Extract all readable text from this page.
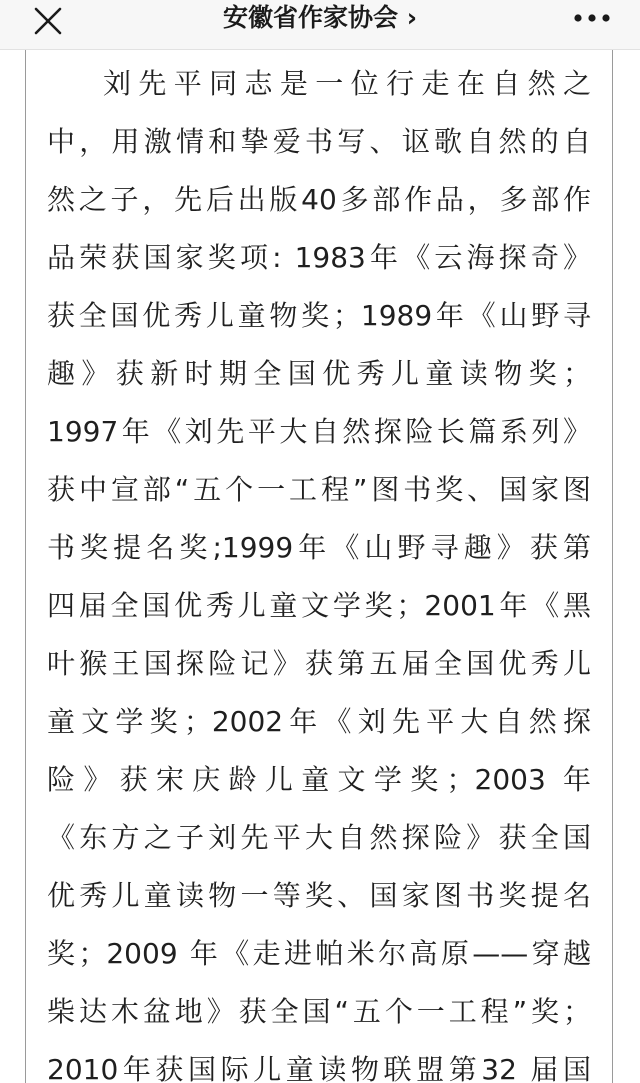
安徽省作家协会 ›
刘先平同志是一位行走在自然之
中，用激情和挚爱书写、讴歌自然的自
然之子，先后出版40多部作品，多部作
品荣获国家奖项: 1983年《云海探奇》
获全国优秀儿童物奖；1989年《山野寻
趣》获新时期全国优秀儿童读物奖；
1997年《刘先平大自然探险长篇系列》
获中宣部“五个一工程”图书奖、国家图
书奖提名奖;1999年《山野寻趣》获第
四届全国优秀儿童文学奖；2001年《黑
叶猴王国探险记》获第五届全国优秀儿
童文学奖；2002年《刘先平大自然探
险》获宋庆龄儿童文学奖；2003 年
《东方之子刘先平大自然探险》获全国
优秀儿童读物一等奖、国家图书奖提名
奖；2009 年《走进帕米尔高原——穿越
柴达木盆地》获全国“五个一工程”奖；
2010年获国际儿童读物联盟第32 届国
